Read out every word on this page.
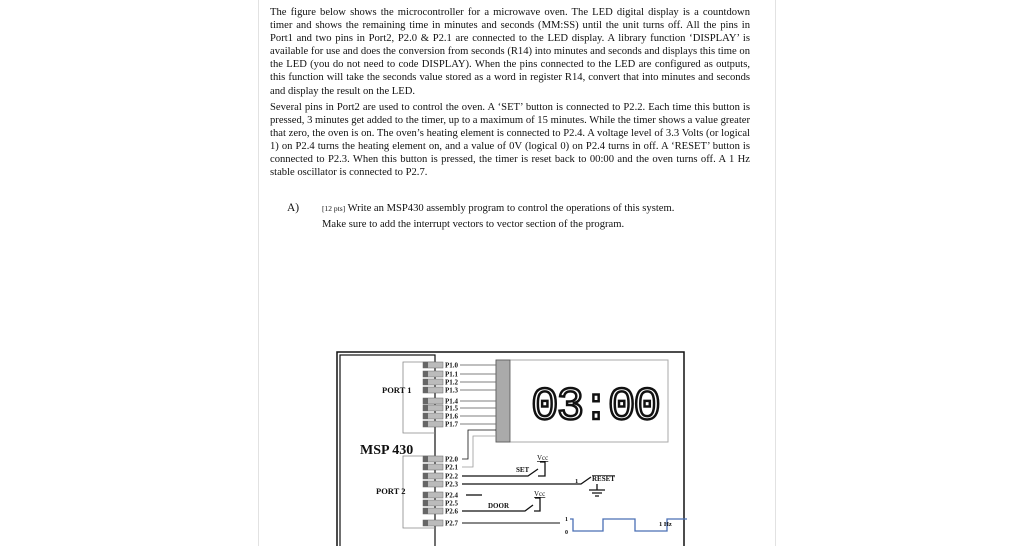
The figure below shows the microcontroller for a microwave oven. The LED digital display is a countdown timer and shows the remaining time in minutes and seconds (MM:SS) until the unit turns off. All the pins in Port1 and two pins in Port2, P2.0 & P2.1 are connected to the LED display. A library function ‘DISPLAY’ is available for use and does the conversion from seconds (R14) into minutes and seconds and displays this time on the LED (you do not need to code DISPLAY). When the pins connected to the LED are configured as outputs, this function will take the seconds value stored as a word in register R14, convert that into minutes and seconds and display the result on the LED.
Several pins in Port2 are used to control the oven. A ‘SET’ button is connected to P2.2. Each time this button is pressed, 3 minutes get added to the timer, up to a maximum of 15 minutes. While the timer shows a value greater that zero, the oven is on. The oven’s heating element is connected to P2.4. A voltage level of 3.3 Volts (or logical 1) on P2.4 turns the heating element on, and a value of 0V (logical 0) on P2.4 turns in off. A ‘RESET’ button is connected to P2.3. When this button is pressed, the timer is reset back to 00:00 and the oven turns off. A 1 Hz stable oscillator is connected to P2.7.
A)	[12 pts] Write an MSP430 assembly program to control the operations of this system.
Make sure to add the interrupt vectors to vector section of the program.
MSP 430
PORT 1
PORT 2
P1.0
P1.1
P1.2
P1.3
P1.4
P1.5
P1.6
P1.7
P2.0
P2.1
P2.2
P2.3
P2.4
P2.5
P2.6
P2.7
03:00
SET
Vcc
1 RESET
DOOR
Vcc
1
0
1 Hz
